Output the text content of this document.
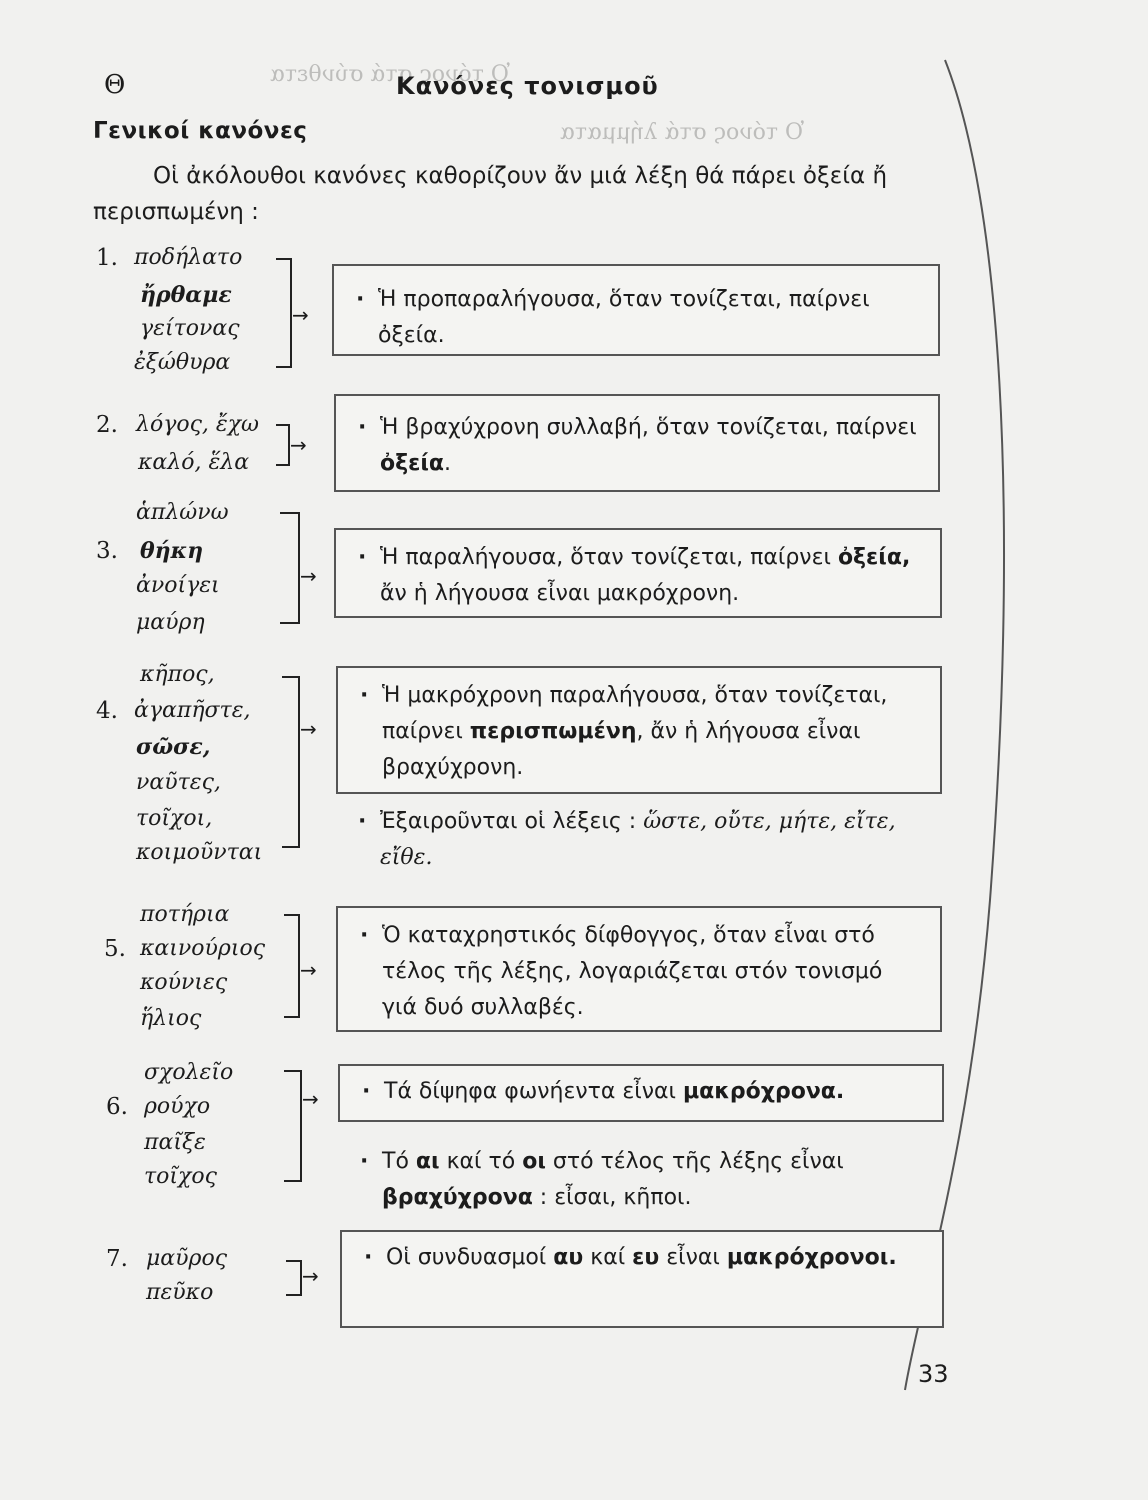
Ὁ τόνος στά σύνθετα
Ὁ τόνος στά λήμματα
Θ	Κανόνες τονισμοῦ
Γενικοί κανόνες
Οἱ ἀκόλουθοι κανόνες καθορίζουν ἄν μιά λέξη θά πάρει ὀξεία ἤ περισπωμένη :
1. ποδήλατο
ἤρθαμε
γείτονας
ἐξώθυρα
→
· Ἡ προπαραλήγουσα, ὅταν τονίζεται, παίρνει ὀξεία.
2. λόγος, ἔχω
καλό, ἕλα
→
· Ἡ βραχύχρονη συλλαβή, ὅταν τονίζεται, παίρνει ὀξεία.
ἁπλώνω
3. θήκη
ἀνοίγει
μαύρη
→
· Ἡ παραλήγουσα, ὅταν τονίζεται, παίρνει ὀξεία, ἄν ἡ λήγουσα εἶναι μακρόχρονη.
κῆπος,
4. ἀγαπῆστε,
σῶσε,
ναῦτες,
τοῖχοι,
κοιμοῦνται
→
· Ἡ μακρόχρονη παραλήγουσα, ὅταν τονίζεται, παίρνει περισπωμένη, ἄν ἡ λήγουσα εἶναι βραχύχρονη.
· Ἐξαιροῦνται οἱ λέξεις : ὥστε, οὔτε, μήτε, εἴτε, εἴθε.
ποτήρια
5. καινούριος
κούνιες
ἥλιος
→
· Ὁ καταχρηστικός δίφθογγος, ὅταν εἶναι στό τέλος τῆς λέξης, λογαριάζεται στόν τονισμό γιά δυό συλλαβές.
σχολεῖο
6. ρούχο
παῖξε
τοῖχος
→	· Τά δίψηφα φωνήεντα εἶναι μακρόχρονα.
· Τό αι καί τό οι στό τέλος τῆς λέξης εἶναι βραχύχρονα : εἶσαι, κῆποι.
7. μαῦρος
πεῦκο
→
· Οἱ συνδυασμοί αυ καί ευ εἶναι μακρόχρονοι.
33
